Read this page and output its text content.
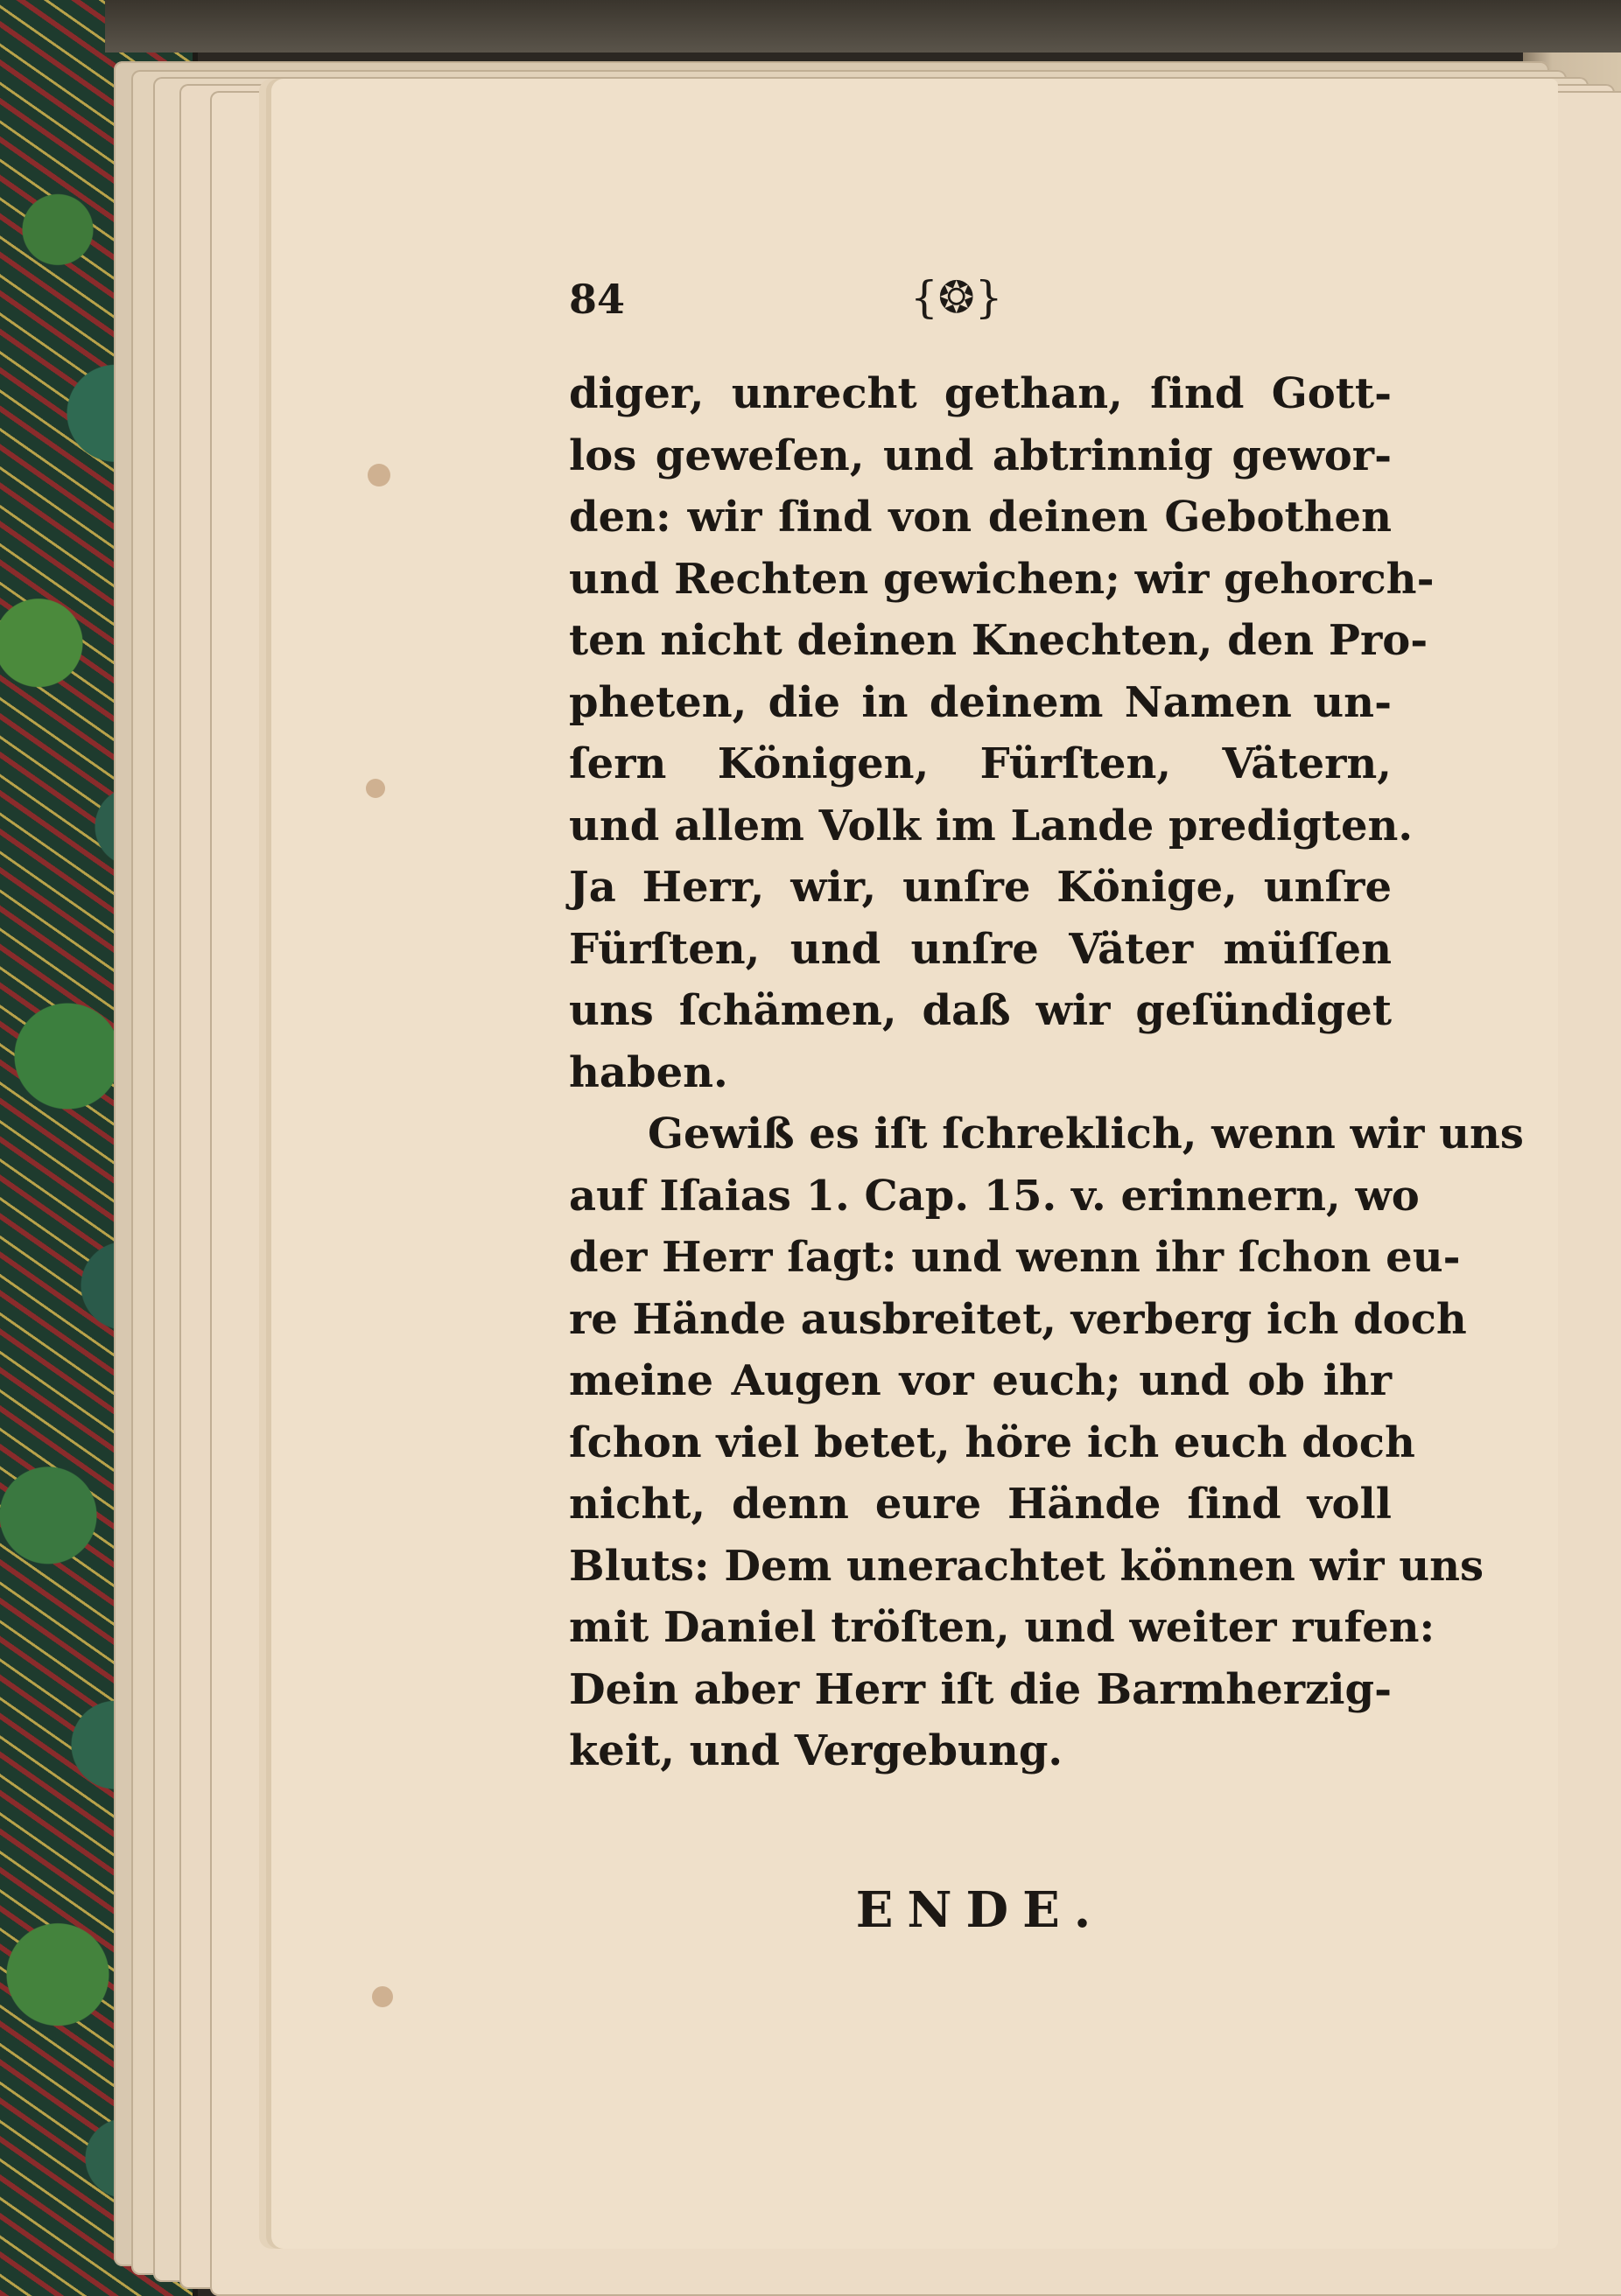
84	{❂}
diger, unrecht gethan, ſind Gott-
los geweſen, und abtrinnig gewor-
den: wir ſind von deinen Gebothen
und Rechten gewichen; wir gehorch-
ten nicht deinen Knechten, den Pro-
pheten, die in deinem Namen un-
ſern Königen, Fürſten, Vätern,
und allem Volk im Lande predigten.
Ja Herr, wir, unſre Könige, unſre
Fürſten, und unſre Väter müſſen
uns ſchämen, daß wir geſündiget
haben.
Gewiß es iſt ſchreklich, wenn wir uns
auf Iſaias 1. Cap. 15. v. erinnern, wo
der Herr ſagt: und wenn ihr ſchon eu-
re Hände ausbreitet, verberg ich doch
meine Augen vor euch; und ob ihr
ſchon viel betet, höre ich euch doch
nicht, denn eure Hände ſind voll
Bluts: Dem unerachtet können wir uns
mit Daniel tröſten, und weiter rufen:
Dein aber Herr iſt die Barmherzig-
keit, und Vergebung.
ENDE.
